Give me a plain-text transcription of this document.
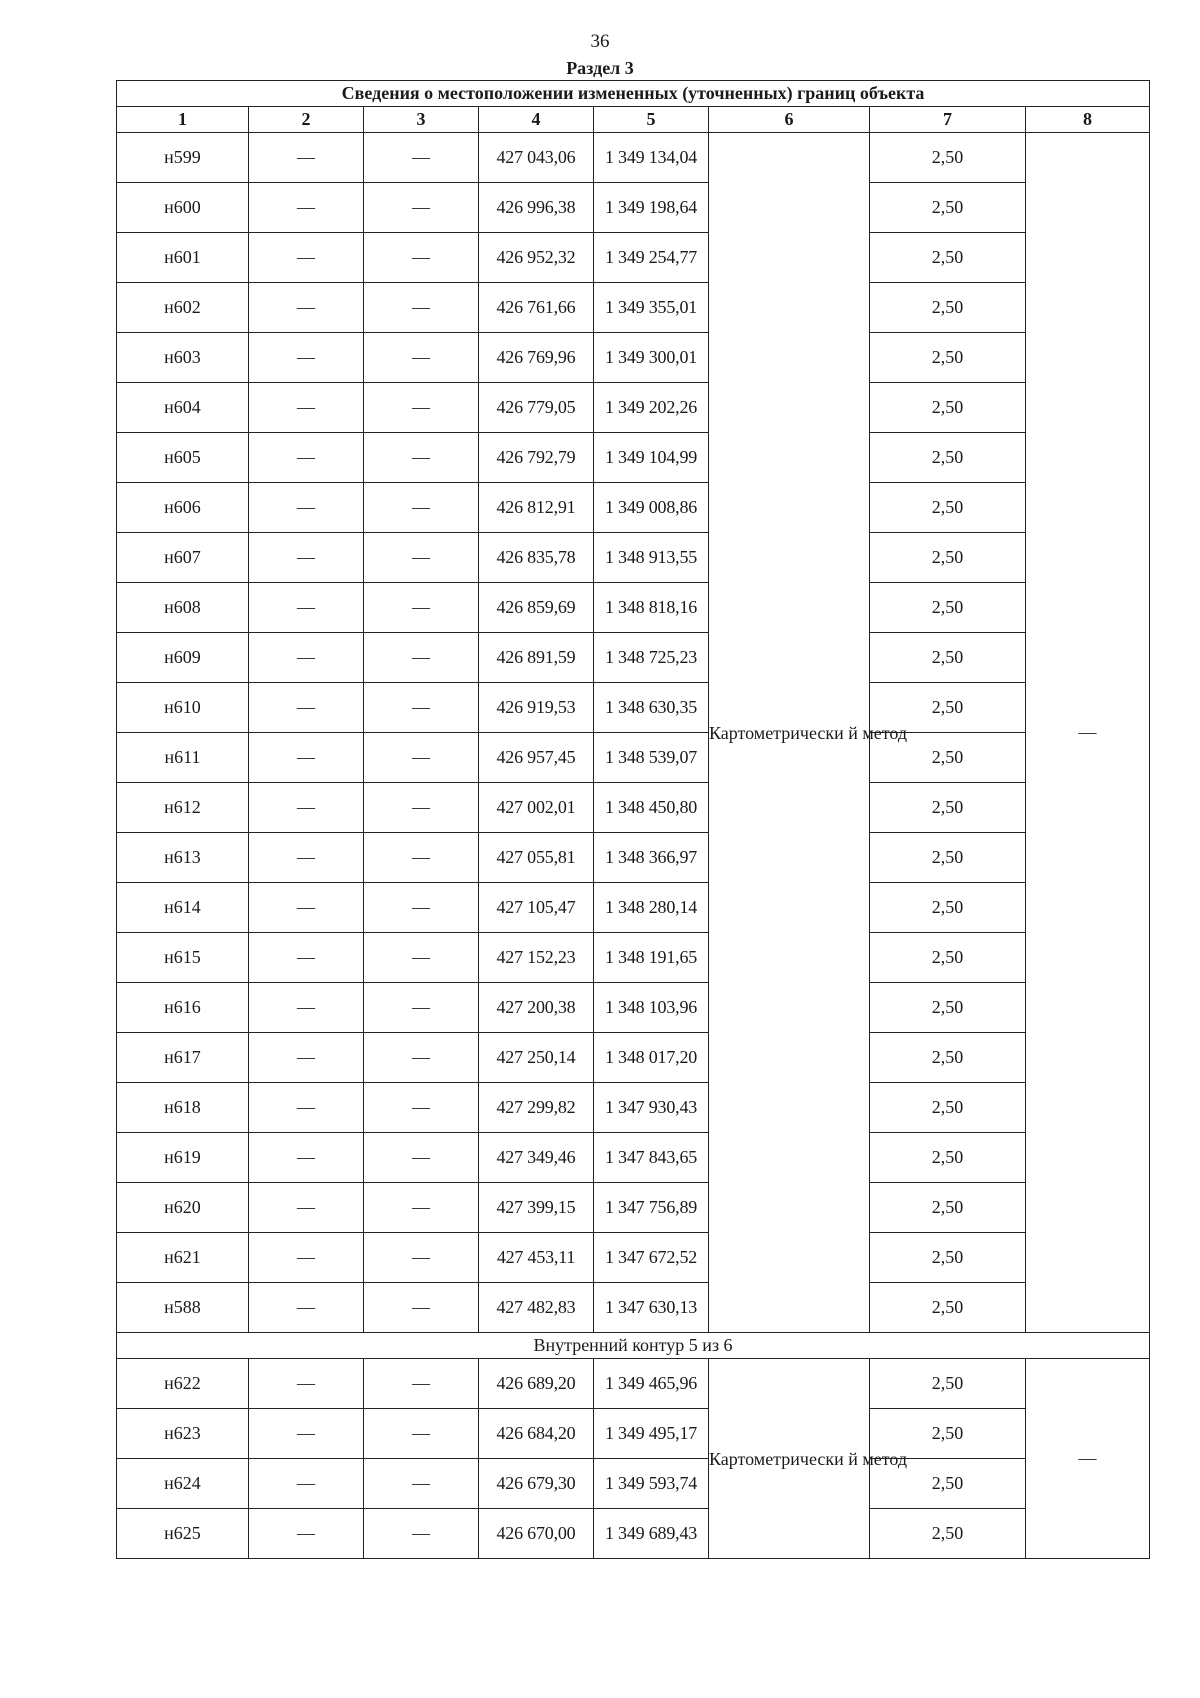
36
Раздел 3
Сведения о местоположении измененных (уточненных) границ объекта							
1	2	3	4	5	6	7	8
н599	—	—	427 043,06	1 349 134,04	Картометрически й метод	2,50	—
н600	—	—	426 996,38	1 349 198,64		2,50	
н601	—	—	426 952,32	1 349 254,77		2,50	
н602	—	—	426 761,66	1 349 355,01		2,50	
н603	—	—	426 769,96	1 349 300,01		2,50	
н604	—	—	426 779,05	1 349 202,26		2,50	
н605	—	—	426 792,79	1 349 104,99		2,50	
н606	—	—	426 812,91	1 349 008,86		2,50	
н607	—	—	426 835,78	1 348 913,55		2,50	
н608	—	—	426 859,69	1 348 818,16		2,50	
н609	—	—	426 891,59	1 348 725,23		2,50	
н610	—	—	426 919,53	1 348 630,35		2,50	
н611	—	—	426 957,45	1 348 539,07		2,50	
н612	—	—	427 002,01	1 348 450,80		2,50	
н613	—	—	427 055,81	1 348 366,97		2,50	
н614	—	—	427 105,47	1 348 280,14		2,50	
н615	—	—	427 152,23	1 348 191,65		2,50	
н616	—	—	427 200,38	1 348 103,96		2,50	
н617	—	—	427 250,14	1 348 017,20		2,50	
н618	—	—	427 299,82	1 347 930,43		2,50	
н619	—	—	427 349,46	1 347 843,65		2,50	
н620	—	—	427 399,15	1 347 756,89		2,50	
н621	—	—	427 453,11	1 347 672,52		2,50	
н588	—	—	427 482,83	1 347 630,13		2,50	
Внутренний контур 5 из 6							
н622	—	—	426 689,20	1 349 465,96	Картометрически й метод	2,50	—
н623	—	—	426 684,20	1 349 495,17		2,50	
н624	—	—	426 679,30	1 349 593,74		2,50	
н625	—	—	426 670,00	1 349 689,43		2,50	
